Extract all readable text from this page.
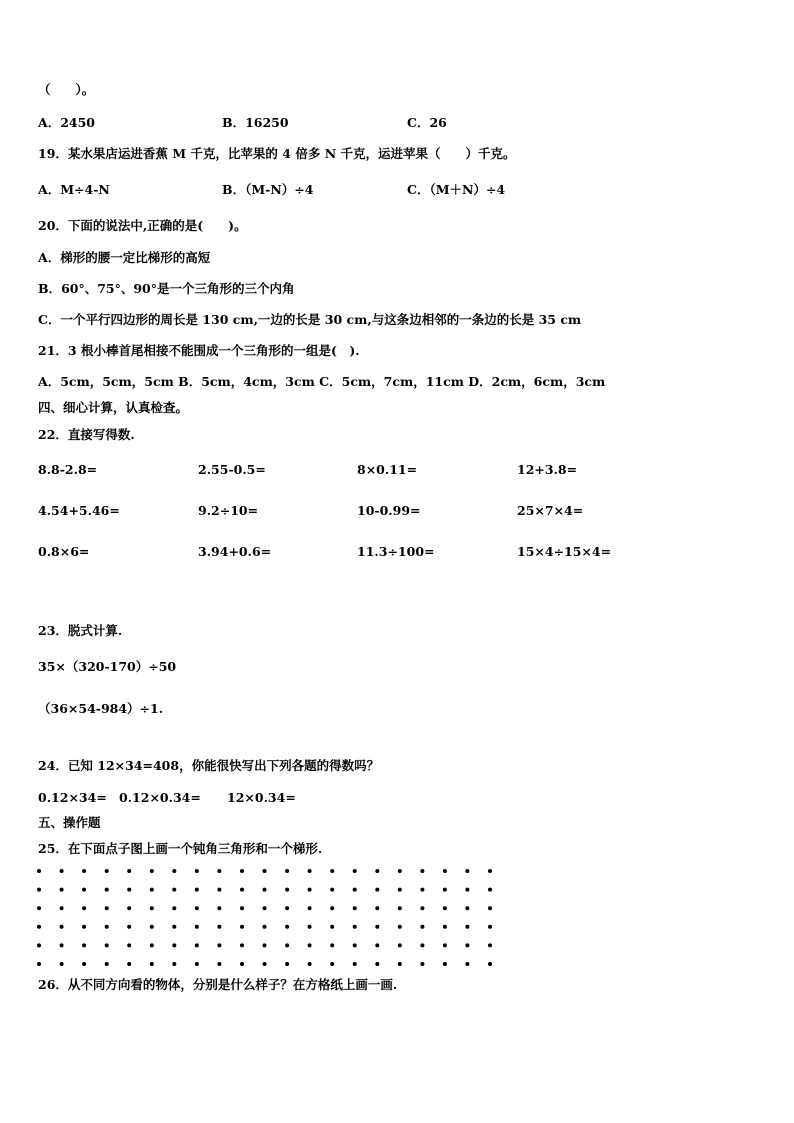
（　　）。
A．2450	B．16250	C．26
19．某水果店运进香蕉 M 千克，比苹果的 4 倍多 N 千克，运进苹果（　　）千克。
A．M÷4-N	B．（M-N）÷4	C．（M＋N）÷4
20．下面的说法中,正确的是(　　)。
A．梯形的腰一定比梯形的高短
B．60°、75°、90°是一个三角形的三个内角
C．一个平行四边形的周长是 130 cm,一边的长是 30 cm,与这条边相邻的一条边的长是 35 cm
21．3 根小棒首尾相接不能围成一个三角形的一组是(　).
A．5cm，5cm，5cm B．5cm，4cm，3cm C．5cm，7cm，11cm D．2cm，6cm，3cm
四、细心计算，认真检查。
22．直接写得数.
8.8-2.8=	2.55-0.5=	8×0.11=	12+3.8=
4.54+5.46=	9.2÷10=	10-0.99=	25×7×4=
0.8×6=	3.94+0.6=	11.3÷100=	15×4÷15×4=
23．脱式计算.
35×（320-170）÷50
（36×54-984）÷1.
24．已知 12×34=408，你能很快写出下列各题的得数吗？
0.12×34= 0.12×0.34= 12×0.34=
五、操作题
25．在下面点子图上画一个钝角三角形和一个梯形.
26．从不同方向看的物体，分别是什么样子？在方格纸上画一画.
